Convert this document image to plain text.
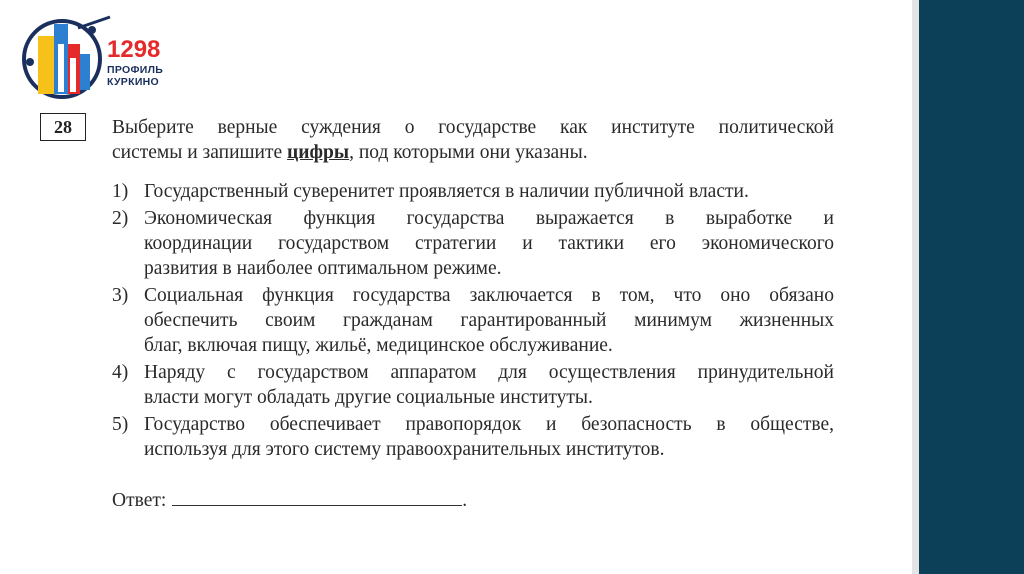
1298
ПРОФИЛЬ
КУРКИНО
28	Выберите верные суждения о государстве как институте политической
системы и запишите цифры, под которыми они указаны.
1) Государственный суверенитет проявляется в наличии публичной власти.
2) Экономическая функция государства выражается в выработке и
координации государством стратегии и тактики его экономического
развития в наиболее оптимальном режиме.
3) Социальная функция государства заключается в том, что оно обязано
обеспечить своим гражданам гарантированный минимум жизненных
благ, включая пищу, жильё, медицинское обслуживание.
4) Наряду с государством аппаратом для осуществления принудительной
власти могут обладать другие социальные институты.
5) Государство обеспечивает правопорядок и безопасность в обществе,
используя для этого систему правоохранительных институтов.
Ответ:	.
